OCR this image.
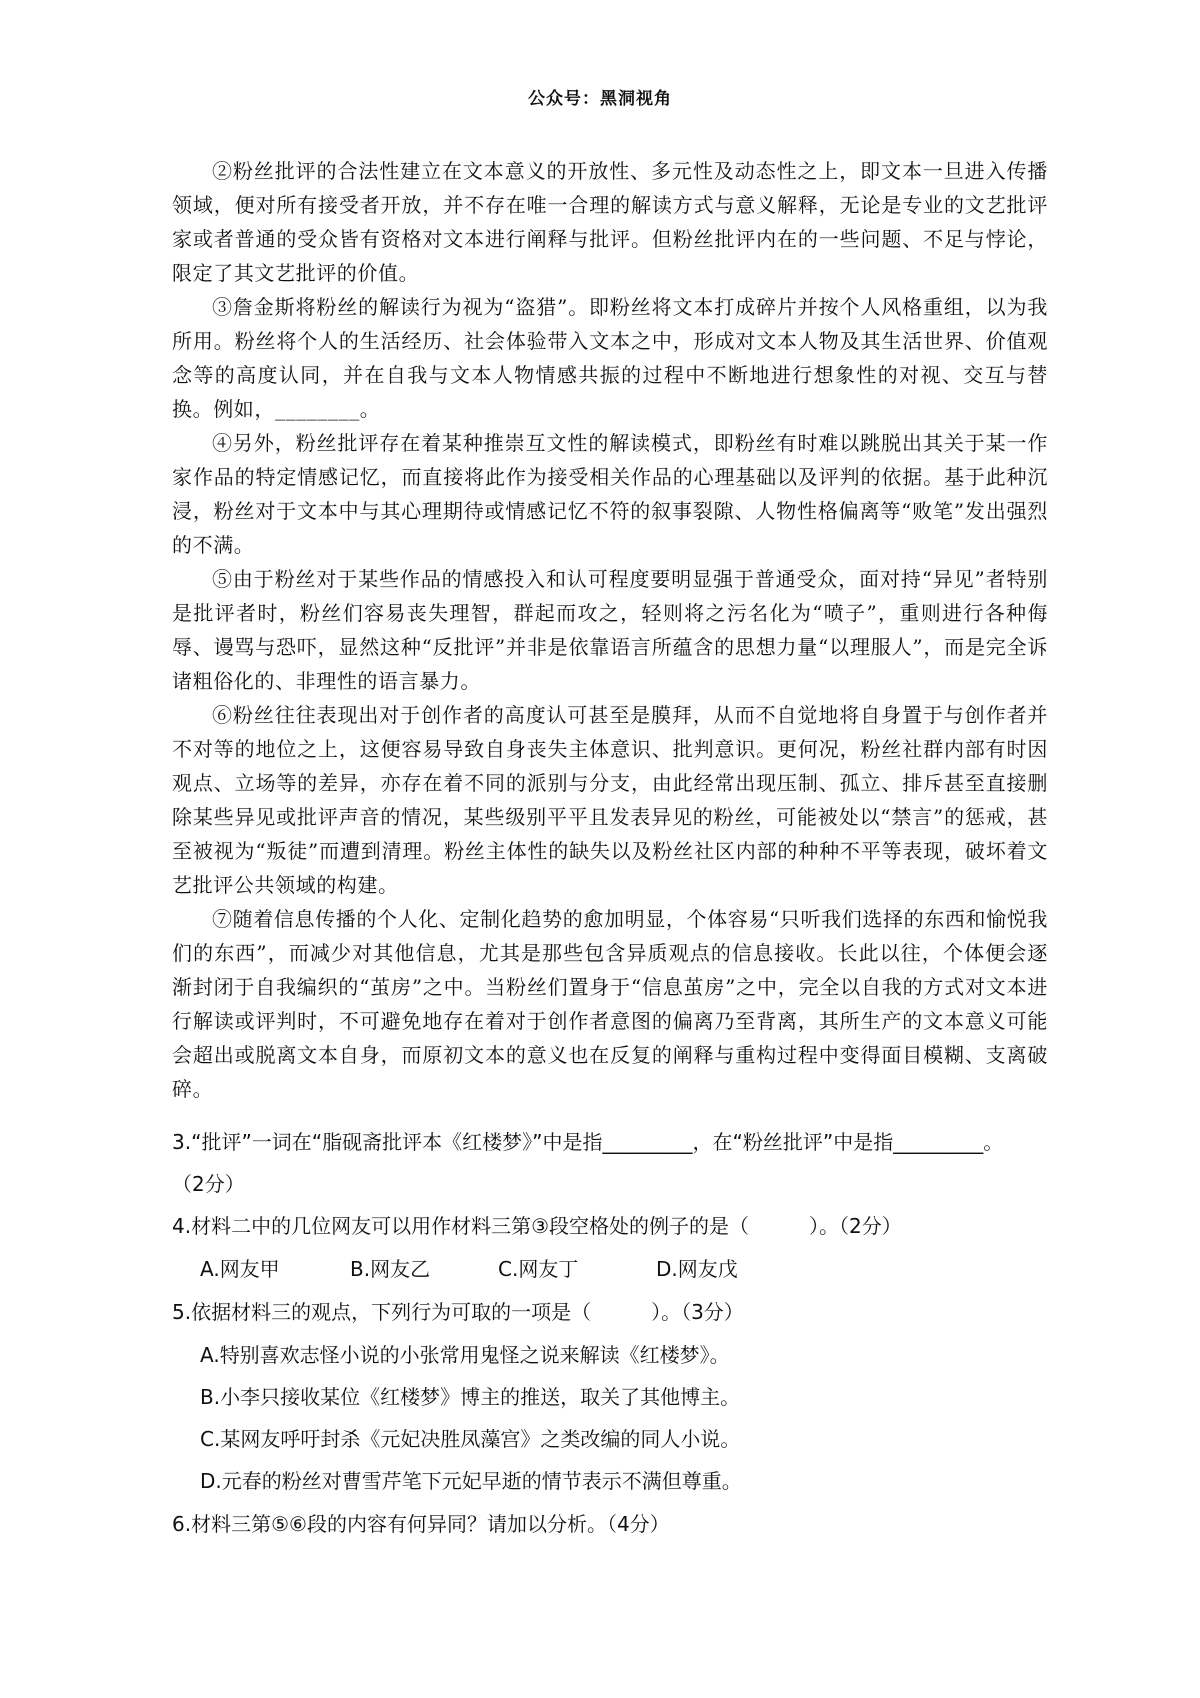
公众号：黑洞视角

②粉丝批评的合法性建立在文本意义的开放性、多元性及动态性之上，即文本一旦进入传播领域，便对所有接受者开放，并不存在唯一合理的解读方式与意义解释，无论是专业的文艺批评家或者普通的受众皆有资格对文本进行阐释与批评。但粉丝批评内在的一些问题、不足与悖论，限定了其文艺批评的价值。

③詹金斯将粉丝的解读行为视为“盗猎”。即粉丝将文本打成碎片并按个人风格重组，以为我所用。粉丝将个人的生活经历、社会体验带入文本之中，形成对文本人物及其生活世界、价值观念等的高度认同，并在自我与文本人物情感共振的过程中不断地进行想象性的对视、交互与替换。例如，________。

④另外，粉丝批评存在着某种推崇互文性的解读模式，即粉丝有时难以跳脱出其关于某一作家作品的特定情感记忆，而直接将此作为接受相关作品的心理基础以及评判的依据。基于此种沉浸，粉丝对于文本中与其心理期待或情感记忆不符的叙事裂隙、人物性格偏离等“败笔”发出强烈的不满。

⑤由于粉丝对于某些作品的情感投入和认可程度要明显强于普通受众，面对持“异见”者特别是批评者时，粉丝们容易丧失理智，群起而攻之，轻则将之污名化为“喷子”，重则进行各种侮辱、谩骂与恐吓，显然这种“反批评”并非是依靠语言所蕴含的思想力量“以理服人”，而是完全诉诸粗俗化的、非理性的语言暴力。

⑥粉丝往往表现出对于创作者的高度认可甚至是膜拜，从而不自觉地将自身置于与创作者并不对等的地位之上，这便容易导致自身丧失主体意识、批判意识。更何况，粉丝社群内部有时因观点、立场等的差异，亦存在着不同的派别与分支，由此经常出现压制、孤立、排斥甚至直接删除某些异见或批评声音的情况，某些级别平平且发表异见的粉丝，可能被处以“禁言”的惩戒，甚至被视为“叛徒”而遭到清理。粉丝主体性的缺失以及粉丝社区内部的种种不平等表现，破坏着文艺批评公共领域的构建。

⑦随着信息传播的个人化、定制化趋势的愈加明显，个体容易“只听我们选择的东西和愉悦我们的东西”，而减少对其他信息，尤其是那些包含异质观点的信息接收。长此以往，个体便会逐渐封闭于自我编织的“茧房”之中。当粉丝们置身于“信息茧房”之中，完全以自我的方式对文本进行解读或评判时，不可避免地存在着对于创作者意图的偏离乃至背离，其所生产的文本意义可能会超出或脱离文本自身，而原初文本的意义也在反复的阐释与重构过程中变得面目模糊、支离破碎。

3.“批评”一词在“脂砚斋批评本《红楼梦》”中是指_________，在“粉丝批评”中是指_________。

（2分）

4.材料二中的几位网友可以用作材料三第③段空格处的例子的是（　　　）。（2分）

A.网友甲	B.网友乙	C.网友丁	D.网友戊

5.依据材料三的观点，下列行为可取的一项是（　　　）。（3分）

A.特别喜欢志怪小说的小张常用鬼怪之说来解读《红楼梦》。

B.小李只接收某位《红楼梦》博主的推送，取关了其他博主。

C.某网友呼吁封杀《元妃决胜凤藻宫》之类改编的同人小说。

D.元春的粉丝对曹雪芹笔下元妃早逝的情节表示不满但尊重。

6.材料三第⑤⑥段的内容有何异同？请加以分析。（4分）
